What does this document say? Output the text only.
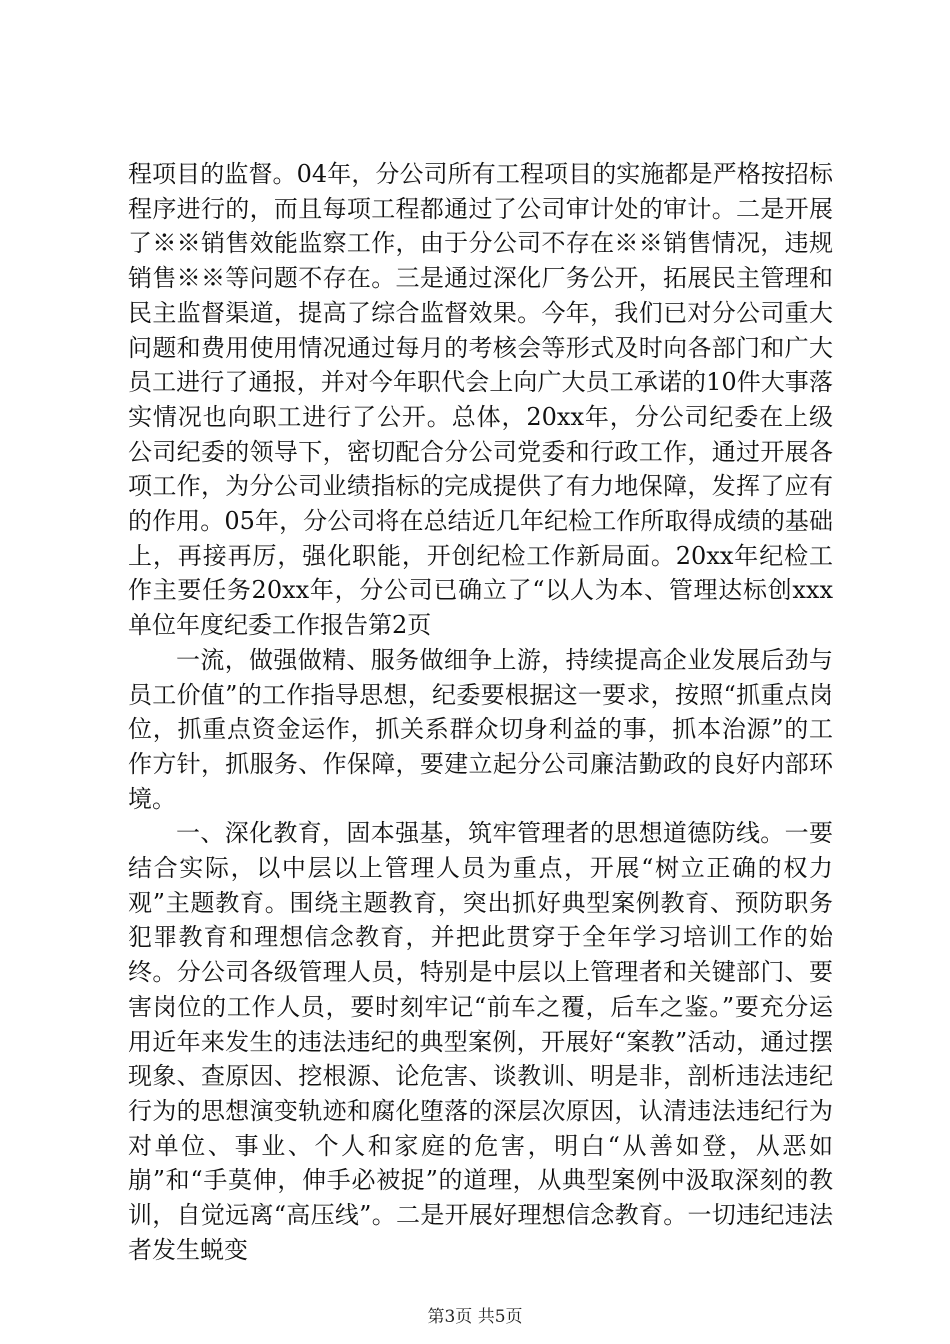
程项目的监督。04年，分公司所有工程项目的实施都是严格按招标程序进行的，而且每项工程都通过了公司审计处的审计。二是开展了※※销售效能监察工作，由于分公司不存在※※销售情况，违规销售※※等问题不存在。三是通过深化厂务公开，拓展民主管理和民主监督渠道，提高了综合监督效果。今年，我们已对分公司重大问题和费用使用情况通过每月的考核会等形式及时向各部门和广大员工进行了通报，并对今年职代会上向广大员工承诺的10件大事落实情况也向职工进行了公开。总体，20xx年，分公司纪委在上级公司纪委的领导下，密切配合分公司党委和行政工作，通过开展各项工作，为分公司业绩指标的完成提供了有力地保障，发挥了应有的作用。05年，分公司将在总结近几年纪检工作所取得成绩的基础上，再接再厉，强化职能，开创纪检工作新局面。20xx年纪检工作主要任务20xx年，分公司已确立了“以人为本、管理达标创xxx单位年度纪委工作报告第2页

一流，做强做精、服务做细争上游，持续提高企业发展后劲与员工价值”的工作指导思想，纪委要根据这一要求，按照“抓重点岗位，抓重点资金运作，抓关系群众切身利益的事，抓本治源”的工作方针，抓服务、作保障，要建立起分公司廉洁勤政的良好内部环境。

一、深化教育，固本强基，筑牢管理者的思想道德防线。一要结合实际，以中层以上管理人员为重点，开展“树立正确的权力观”主题教育。围绕主题教育，突出抓好典型案例教育、预防职务犯罪教育和理想信念教育，并把此贯穿于全年学习培训工作的始终。分公司各级管理人员，特别是中层以上管理者和关键部门、要害岗位的工作人员，要时刻牢记“前车之覆，后车之鉴。”要充分运用近年来发生的违法违纪的典型案例，开展好“案教”活动，通过摆现象、查原因、挖根源、论危害、谈教训、明是非，剖析违法违纪行为的思想演变轨迹和腐化堕落的深层次原因，认清违法违纪行为对单位、事业、个人和家庭的危害，明白“从善如登，从恶如崩”和“手莫伸，伸手必被捉”的道理，从典型案例中汲取深刻的教训，自觉远离“高压线”。二是开展好理想信念教育。一切违纪违法者发生蜕变

第3页 共5页
